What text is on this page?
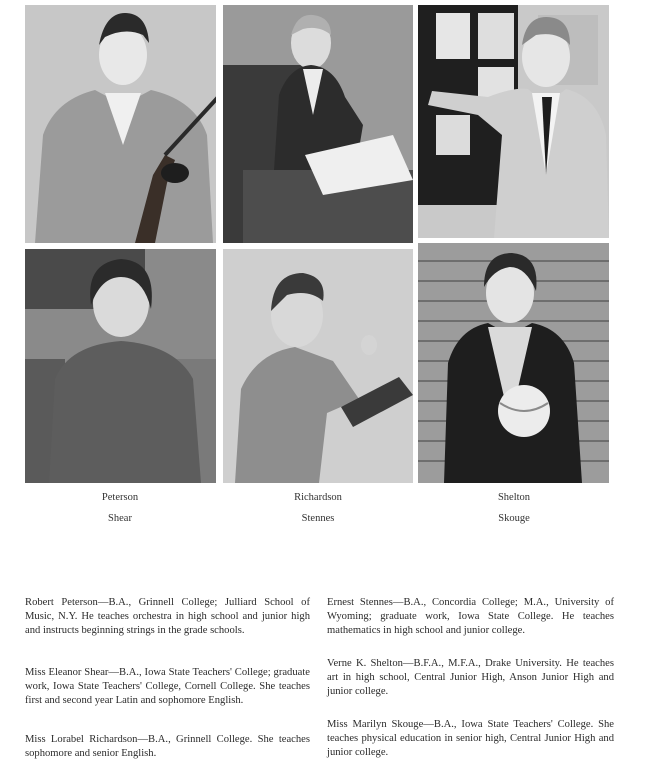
Peterson
Shear
Richardson
Stennes
Shelton
Skouge
Robert Peterson—B.A., Grinnell College; Julliard School of Music, N.Y. He teaches orchestra in high school and junior high and instructs beginning strings in the grade schools.
Miss Eleanor Shear—B.A., Iowa State Teachers' College; graduate work, Iowa State Teachers' College, Cornell College. She teaches first and second year Latin and sophomore English.
Miss Lorabel Richardson—B.A., Grinnell College. She teaches sophomore and senior English.
Ernest Stennes—B.A., Concordia College; M.A., University of Wyoming; graduate work, Iowa State College. He teaches mathematics in high school and junior college.
Verne K. Shelton—B.F.A., M.F.A., Drake University. He teaches art in high school, Central Junior High, Anson Junior High and junior college.
Miss Marilyn Skouge—B.A., Iowa State Teachers' College. She teaches physical education in senior high, Central Junior High and junior college.
